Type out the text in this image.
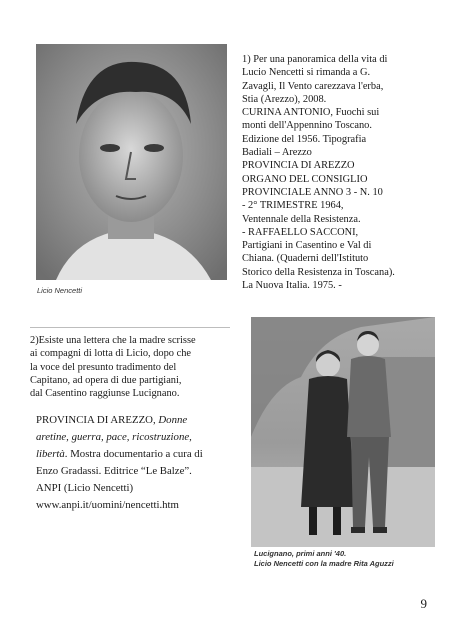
Licio Nencetti
1) Per una panoramica della vita di
Lucio Nencetti si rimanda a G.
Zavagli, Il Vento carezzava l'erba,
Stia (Arezzo), 2008.
CURINA ANTONIO, Fuochi sui
monti dell'Appennino Toscano.
Edizione del 1956. Tipografia
Badiali – Arezzo
PROVINCIA DI AREZZO
ORGANO DEL CONSIGLIO
PROVINCIALE ANNO 3 - N. 10
- 2° TRIMESTRE 1964,
Ventennale della Resistenza.
- RAFFAELLO SACCONI,
Partigiani in Casentino e Val di
Chiana. (Quaderni dell'Istituto
Storico della Resistenza in Toscana).
La Nuova Italia. 1975. -
2)Esiste una lettera che la madre scrisse
ai compagni di lotta di Licio, dopo che
la voce del presunto tradimento del
Capitano, ad opera di due partigiani,
dal Casentino raggiunse Lucignano.
PROVINCIA DI AREZZO, Donne
aretine, guerra, pace, ricostruzione,
libertà. Mostra documentario a cura di
Enzo Gradassi. Editrice “Le Balze”.
ANPI (Licio Nencetti)
www.anpi.it/uomini/nencetti.htm
Lucignano, primi anni '40.
Licio Nencetti con la madre Rita Aguzzi
9
